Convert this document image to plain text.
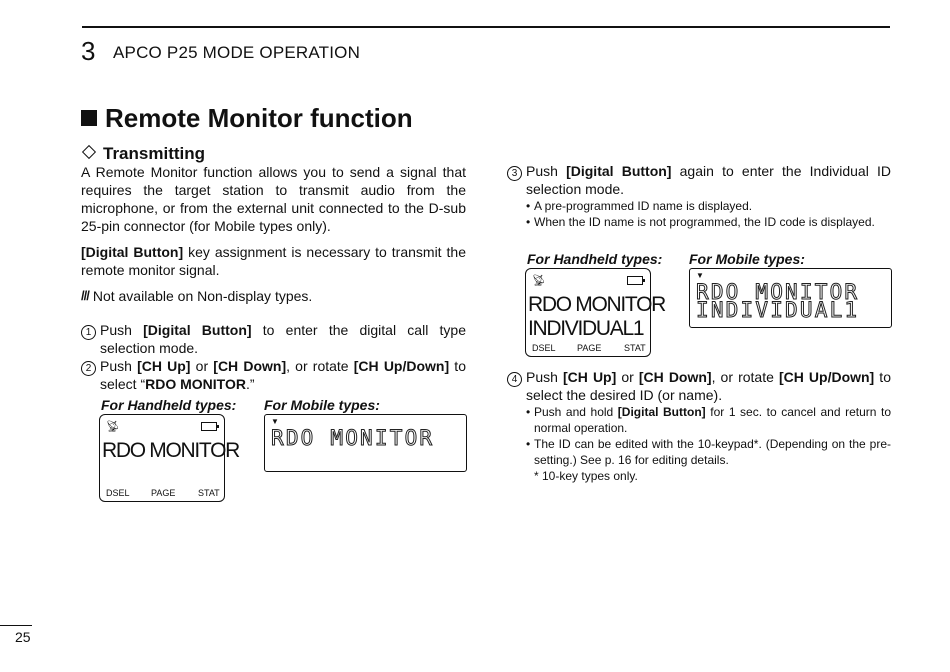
3 APCO P25 MODE OPERATION
Remote Monitor function
Transmitting

A Remote Monitor function allows you to send a signal that requires the target station to transmit audio from the microphone, or from the external unit connected to the D-sub 25-pin connector (for Mobile types only).

[Digital Button] key assignment is necessary to transmit the remote monitor signal.

/// Not available on Non-display types.
1 Push [Digital Button] to enter the digital call type selection mode.
2 Push [CH Up] or [CH Down], or rotate [CH Up/Down] to select “RDO MONITOR.”
For Handheld types: For Mobile types:
📡︎
RDO MONITOR
DSEL PAGE	STAT
▼
RDO MONITOR
3 Push [Digital Button] again to enter the Individual ID selection mode.
• A pre-programmed ID name is displayed.
• When the ID name is not programmed, the ID code is displayed.
For Handheld types: For Mobile types:
📡︎
RDO MONITOR
INDIVIDUAL1
DSEL PAGE	STAT
▼
RDO MONITOR
INDIVIDUAL1
4 Push [CH Up] or [CH Down], or rotate [CH Up/Down] to select the desired ID (or name).
• Push and hold [Digital Button] for 1 sec. to cancel and return to normal operation.
• The ID can be edited with the 10-keypad*. (Depending on the pre-setting.) See p. 16 for editing details.
* 10-key types only.
25
